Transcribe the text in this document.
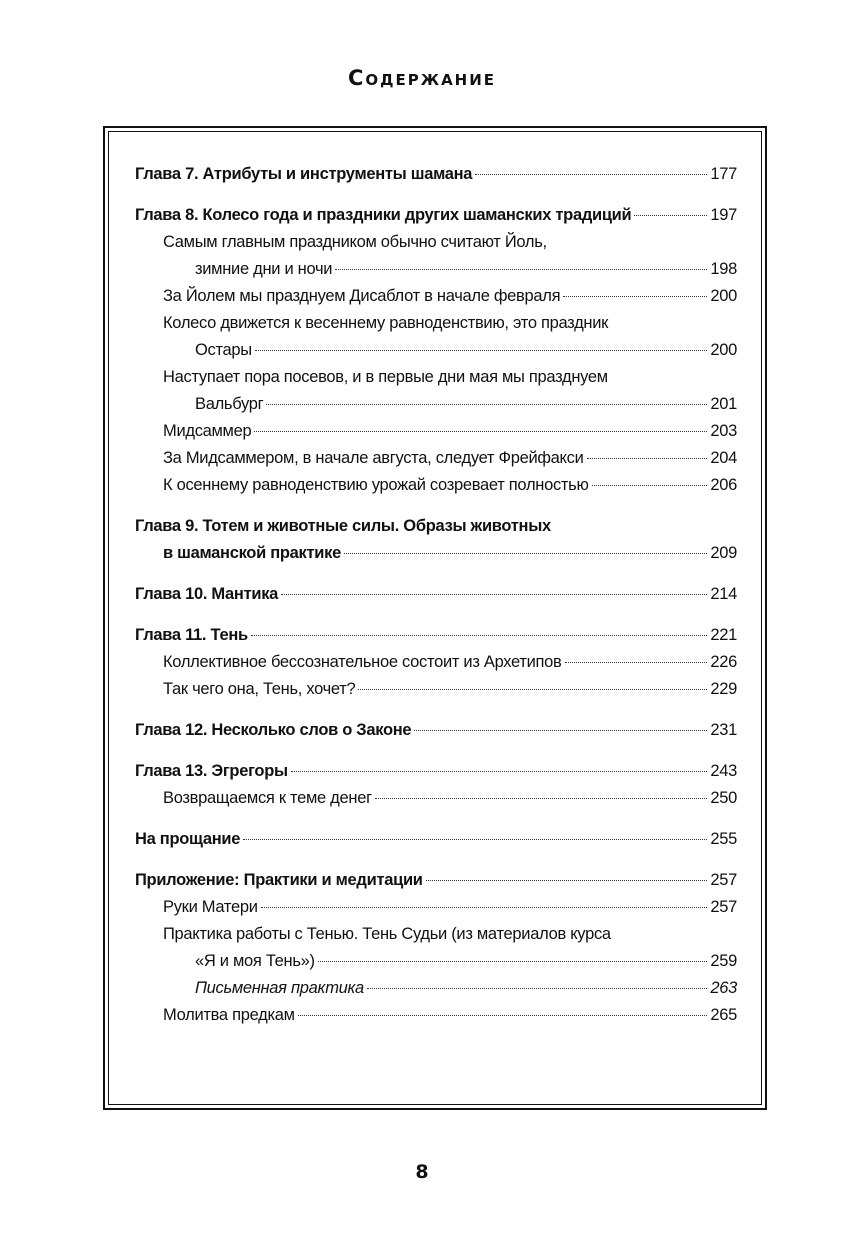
Содержание
Глава 7. Атрибуты и инструменты шамана	177
Глава 8. Колесо года и праздники других шаманских традиций	197
Самым главным праздником обычно считают Йоль,
зимние дни и ночи	198
За Йолем мы празднуем Дисаблот в начале февраля	200
Колесо движется к весеннему равноденствию, это праздник
Остары	200
Наступает пора посевов, и в первые дни мая мы празднуем
Вальбург	201
Мидсаммер	203
За Мидсаммером, в начале августа, следует Фрейфакси	204
К осеннему равноденствию урожай созревает полностью	206
Глава 9. Тотем и животные силы. Образы животных
в шаманской практике	209
Глава 10. Мантика	214
Глава 11. Тень	221
Коллективное бессознательное состоит из Архетипов	226
Так чего она, Тень, хочет?	229
Глава 12. Несколько слов о Законе	231
Глава 13. Эгрегоры	243
Возвращаемся к теме денег	250
На прощание	255
Приложение: Практики и медитации	257
Руки Матери	257
Практика работы с Тенью. Тень Судьи (из материалов курса
«Я и моя Тень»)	259
Письменная практика	263
Молитва предкам	265
8
